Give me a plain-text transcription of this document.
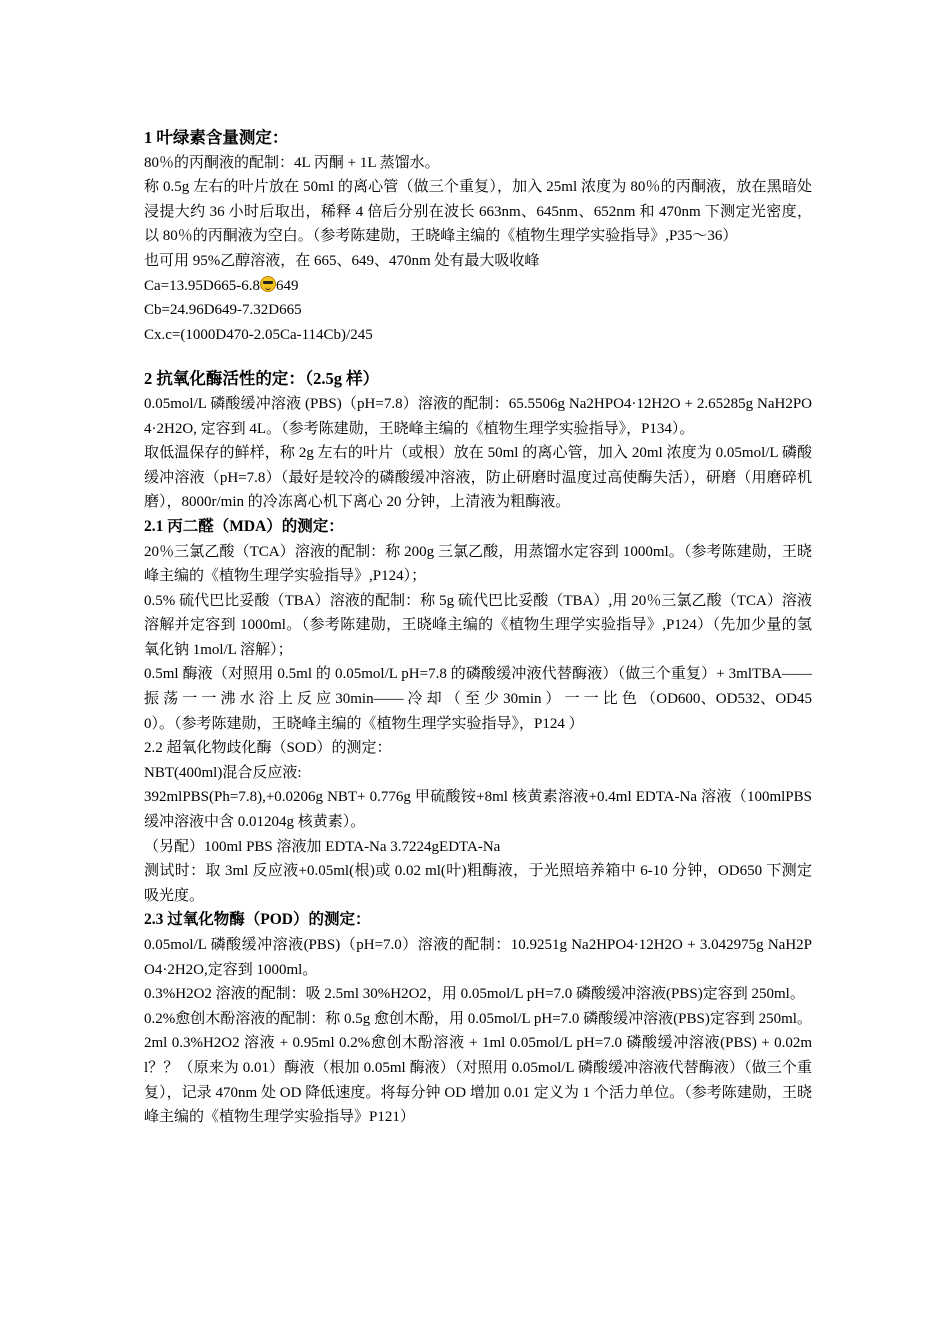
1 叶绿素含量测定：

80％的丙酮液的配制：4L 丙酮 + 1L 蒸馏水。

称 0.5g 左右的叶片放在 50ml 的离心管（做三个重复），加入 25ml 浓度为 80％的丙酮液，放在黑暗处浸提大约 36 小时后取出，稀释 4 倍后分别在波长 663nm、645nm、652nm 和 470nm 下测定光密度，以 80％的丙酮液为空白。（参考陈建勋，王晓峰主编的《植物生理学实验指导》,P35～36）

也可用 95%乙醇溶液，在 665、649、470nm 处有最大吸收峰

Ca=13.95D665-6.8 649

Cb=24.96D649-7.32D665

Cx.c=(1000D470-2.05Ca-114Cb)/245

2 抗氧化酶活性的定：（2.5g 样）

0.05mol/L 磷酸缓冲溶液 (PBS)（pH=7.8）溶液的配制：65.5506g Na2HPO4·12H2O + 2.65285g NaH2PO4·2H2O, 定容到 4L。（参考陈建勋，王晓峰主编的《植物生理学实验指导》，P134）。

取低温保存的鲜样，称 2g 左右的叶片（或根）放在 50ml 的离心管，加入 20ml 浓度为 0.05mol/L 磷酸缓冲溶液（pH=7.8）（最好是较冷的磷酸缓冲溶液，防止研磨时温度过高使酶失活），研磨（用磨碎机磨），8000r/min 的冷冻离心机下离心 20 分钟，上清液为粗酶液。

2.1 丙二醛（MDA）的测定：

20％三氯乙酸（TCA）溶液的配制：称 200g 三氯乙酸，用蒸馏水定容到 1000ml。（参考陈建勋，王晓峰主编的《植物生理学实验指导》,P124）；

0.5% 硫代巴比妥酸（TBA）溶液的配制：称 5g 硫代巴比妥酸（TBA）,用 20％三氯乙酸（TCA）溶液溶解并定容到 1000ml。（参考陈建勋，王晓峰主编的《植物生理学实验指导》,P124）（先加少量的氢氧化钠 1mol/L 溶解）；

0.5ml 酶液（对照用 0.5ml 的 0.05mol/L pH=7.8 的磷酸缓冲液代替酶液）（做三个重复）+ 3mlTBA—— 振 荡 一 一 沸 水 浴 上 反 应 30min—— 冷 却 （ 至 少 30min ） 一 一 比 色 （OD600、OD532、OD450）。（参考陈建勋，王晓峰主编的《植物生理学实验指导》，P124 ）

2.2 超氧化物歧化酶（SOD）的测定：

NBT(400ml)混合反应液:

392mlPBS(Ph=7.8),+0.0206g NBT+ 0.776g 甲硫酸铵+8ml 核黄素溶液+0.4ml EDTA-Na 溶液（100mlPBS 缓冲溶液中含 0.01204g 核黄素）。

（另配）100ml PBS 溶液加 EDTA-Na 3.7224gEDTA-Na

测试时：取 3ml 反应液+0.05ml(根)或 0.02 ml(叶)粗酶液，于光照培养箱中 6-10 分钟，OD650 下测定吸光度。

2.3 过氧化物酶（POD）的测定：

0.05mol/L 磷酸缓冲溶液(PBS)（pH=7.0）溶液的配制：10.9251g Na2HPO4·12H2O + 3.042975g NaH2PO4·2H2O,定容到 1000ml。

0.3%H2O2 溶液的配制：吸 2.5ml 30%H2O2，用 0.05mol/L pH=7.0 磷酸缓冲溶液(PBS)定容到 250ml。

0.2%愈创木酚溶液的配制：称 0.5g 愈创木酚，用 0.05mol/L pH=7.0 磷酸缓冲溶液(PBS)定容到 250ml。

2ml 0.3%H2O2 溶液 + 0.95ml 0.2%愈创木酚溶液 + 1ml 0.05mol/L pH=7.0 磷酸缓冲溶液(PBS) + 0.02ml？？（原来为 0.01）酶液（根加 0.05ml 酶液）（对照用 0.05mol/L 磷酸缓冲溶液代替酶液）（做三个重复），记录 470nm 处 OD 降低速度。将每分钟 OD 增加 0.01 定义为 1 个活力单位。（参考陈建勋，王晓峰主编的《植物生理学实验指导》P121）
